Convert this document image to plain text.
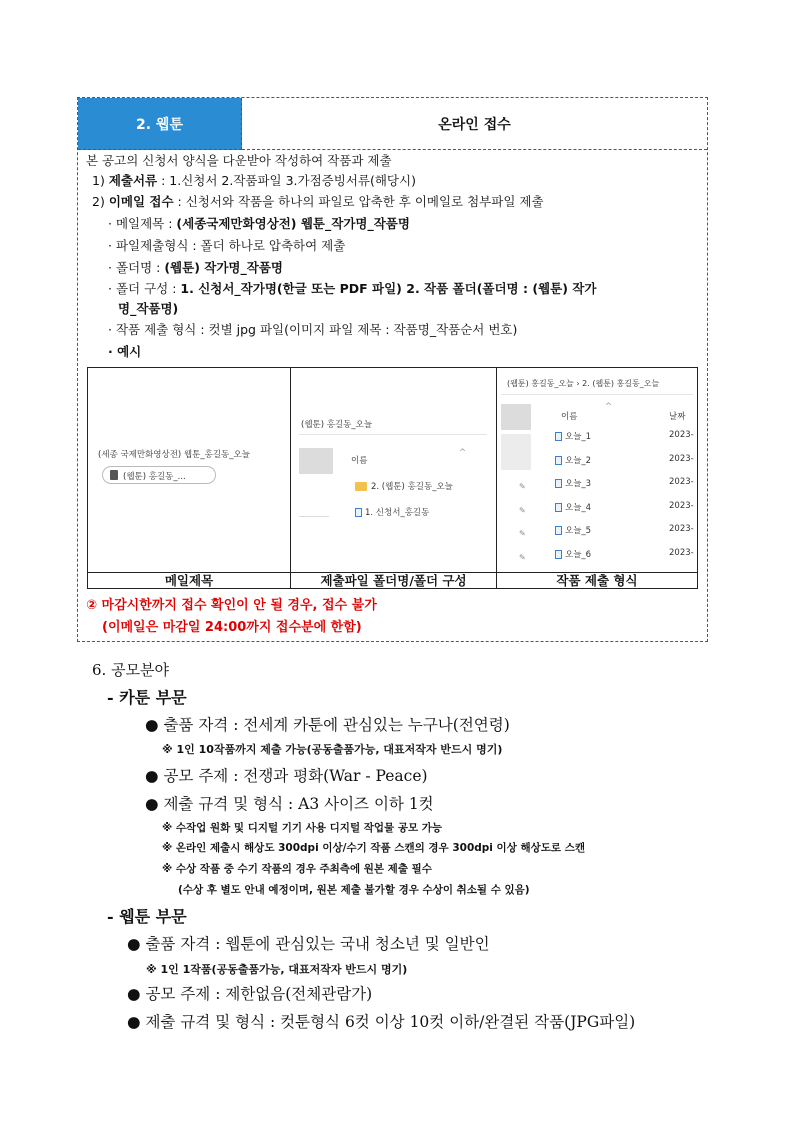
2. 웹툰	온라인 접수
본 공고의 신청서 양식을 다운받아 작성하여 작품과 제출
1) 제출서류 : 1.신청서 2.작품파일 3.가점증빙서류(해당시)
2) 이메일 접수 : 신청서와 작품을 하나의 파일로 압축한 후 이메일로 첨부파일 제출
· 메일제목 : (세종국제만화영상전) 웹툰_작가명_작품명
· 파일제출형식 : 폴더 하나로 압축하여 제출
· 폴더명 : (웹툰) 작가명_작품명
· 폴더 구성 : 1. 신청서_작가명(한글 또는 PDF 파일) 2. 작품 폴더(폴더명 : (웹툰) 작가
명_작품명)
· 작품 제출 형식 : 컷별 jpg 파일(이미지 파일 제목 : 작품명_작품순서 번호)
· 예시
(세종 국제만화영상전) 웹툰_홍길동_오늘
(웹툰) 홍길동_...
(웹툰) 홍길동_오늘
이름
^
2. (웹툰) 홍길동_오늘
1. 신청서_홍길동
(웹툰) 홍길동_오늘 › 2. (웹툰) 홍길동_오늘
이름
^
날짜
오늘_1	2023-
오늘_2	2023-
오늘_3	2023-
✎
오늘_4	2023-
✎
오늘_5	2023-
✎
오늘_6	2023-
✎
메일제목	제출파일 폴더명/폴더 구성	작품 제출 형식
② 마감시한까지 접수 확인이 안 될 경우, 접수 불가
(이메일은 마감일 24:00까지 접수분에 한함)
6. 공모분야
- 카툰 부문
● 출품 자격 : 전세계 카툰에 관심있는 누구나(전연령)
※ 1인 10작품까지 제출 가능(공동출품가능, 대표저작자 반드시 명기)
● 공모 주제 : 전쟁과 평화(War - Peace)
● 제출 규격 및 형식 : A3 사이즈 이하 1컷
※ 수작업 원화 및 디지털 기기 사용 디지털 작업물 공모 가능
※ 온라인 제출시 해상도 300dpi 이상/수기 작품 스캔의 경우 300dpi 이상 해상도로 스캔
※ 수상 작품 중 수기 작품의 경우 주최측에 원본 제출 필수
(수상 후 별도 안내 예정이며, 원본 제출 불가할 경우 수상이 취소될 수 있음)
- 웹툰 부문
● 출품 자격 : 웹툰에 관심있는 국내 청소년 및 일반인
※ 1인 1작품(공동출품가능, 대표저작자 반드시 명기)
● 공모 주제 : 제한없음(전체관람가)
● 제출 규격 및 형식 : 컷툰형식 6컷 이상 10컷 이하/완결된 작품(JPG파일)
